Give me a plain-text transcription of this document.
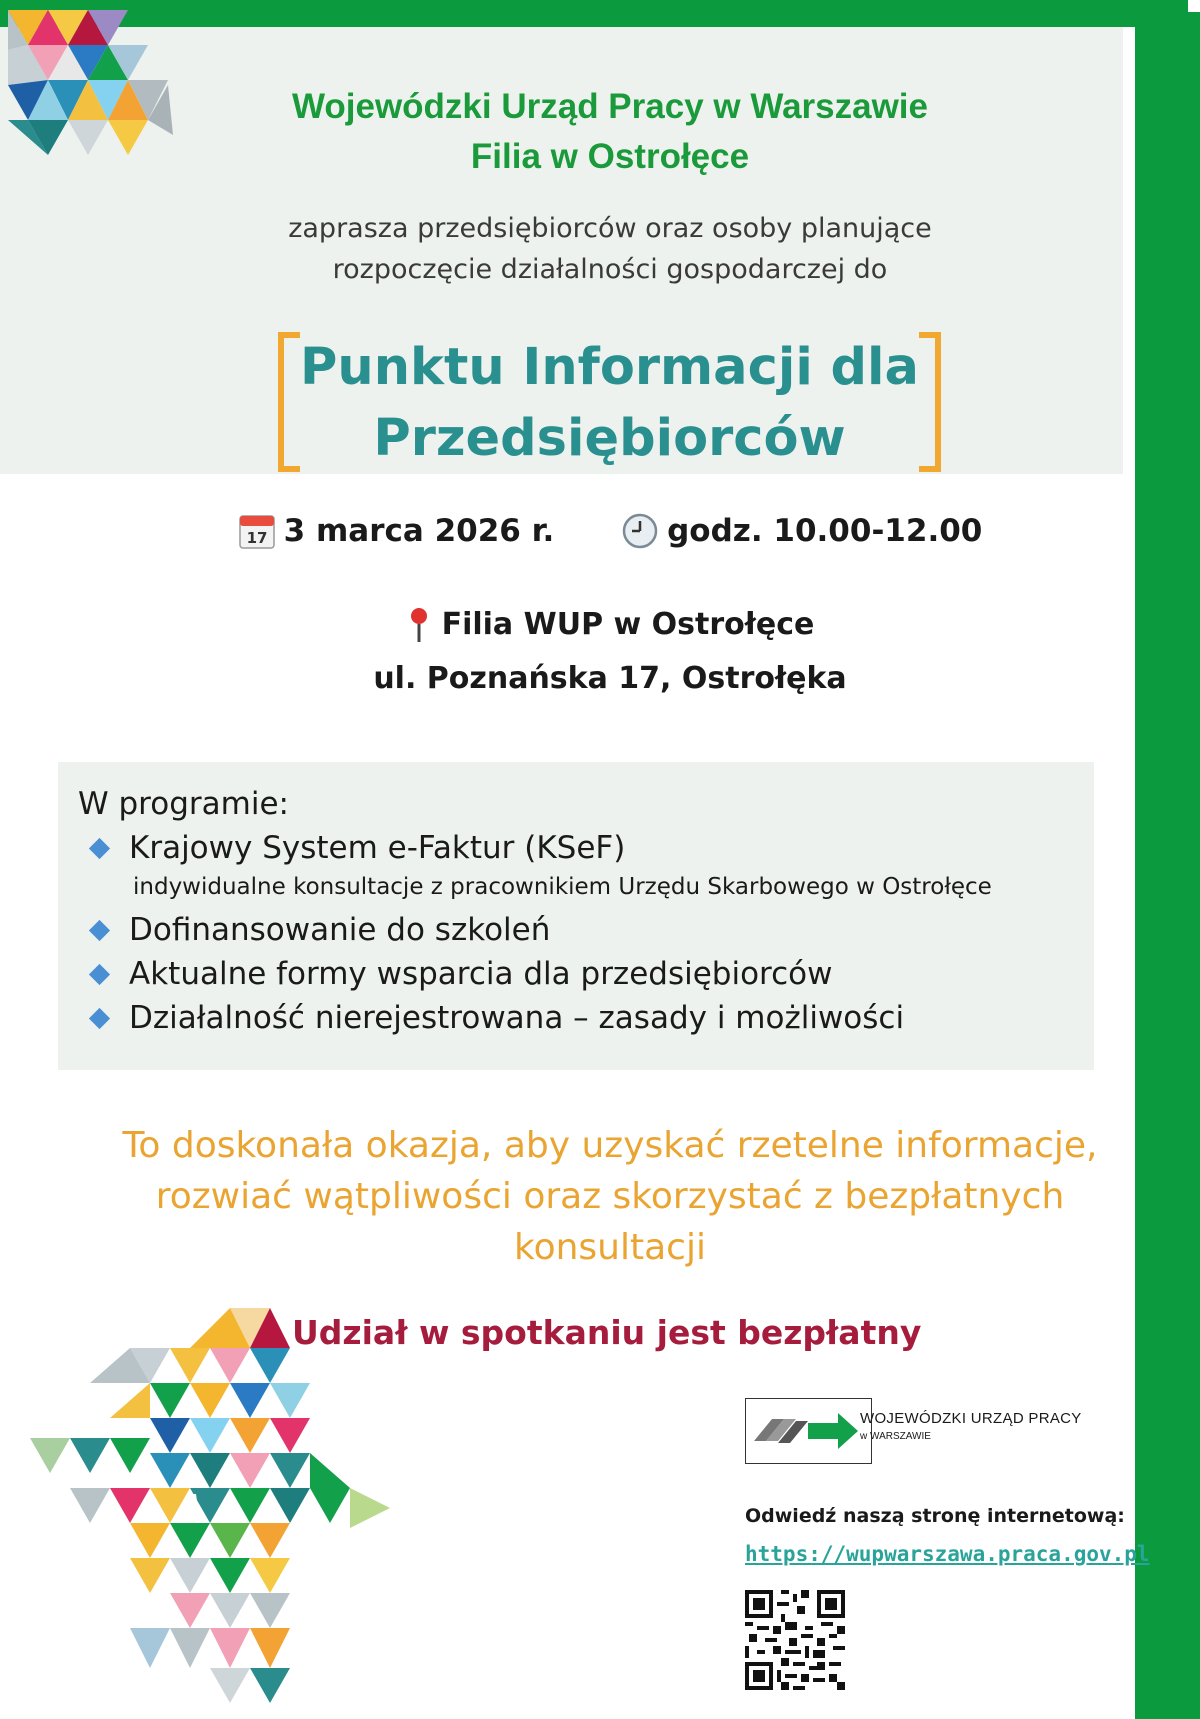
Wojewódzki Urząd Pracy w Warszawie
Filia w Ostrołęce
zaprasza przedsiębiorców oraz osoby planujące
rozpoczęcie działalności gospodarczej do
Punktu Informacji dla
Przedsiębiorców
17 3 marca 2026 r.
	godz. 10.00-12.00
Filia WUP w Ostrołęce
ul. Poznańska 17, Ostrołęka
W programie:
Krajowy System e-Faktur (KSeF)
indywidualne konsultacje z pracownikiem Urzędu Skarbowego w Ostrołęce
Dofinansowanie do szkoleń
Aktualne formy wsparcia dla przedsiębiorców
Działalność nierejestrowana – zasady i możliwości
To doskonała okazja, aby uzyskać rzetelne informacje,
rozwiać wątpliwości oraz skorzystać z bezpłatnych
konsultacji
Udział w spotkaniu jest bezpłatny
WOJEWÓDZKI URZĄD PRACY
w WARSZAWIE
Odwiedź naszą stronę internetową:
https://wupwarszawa.praca.gov.pl
